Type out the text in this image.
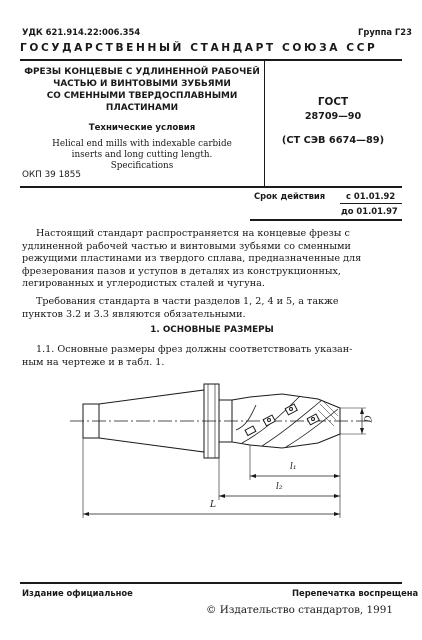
УДК 621.914.22:006.354	Группа Г23
ГОСУДАРСТВЕННЫЙ СТАНДАРТ СОЮЗА ССР
ФРЕЗЫ КОНЦЕВЫЕ С УДЛИНЕННОЙ РАБОЧЕЙ
ЧАСТЬЮ И ВИНТОВЫМИ ЗУБЬЯМИ
СО СМЕННЫМИ ТВЕРДОСПЛАВНЫМИ
ПЛАСТИНАМИ
Технические условия
Helical end mills with indexable carbide
inserts and long cutting length.
Specifications
ОКП 39 1855
ГОСТ
28709—90
(СТ СЭВ 6674—89)
Срок действия с 01.01.92
до 01.01.97
Настоящий стандарт распространяется на концевые фрезы с
удлиненной рабочей частью и винтовыми зубьями со сменными
режущими пластинами из твердого сплава, предназначенные для
фрезерования пазов и уступов в деталях из конструкционных,
легированных и углеродистых сталей и чугуна.
Требования стандарта в части разделов 1, 2, 4 и 5, а также
пунктов 3.2 и 3.3 являются обязательными.
1. ОСНОВНЫЕ РАЗМЕРЫ
1.1. Основные размеры фрез должны соответствовать указан-
ным на чертеже и в табл. 1.
l₁
l₂
L
D
Издание официальное	Перепечатка воспрещена
© Издательство стандартов, 1991
